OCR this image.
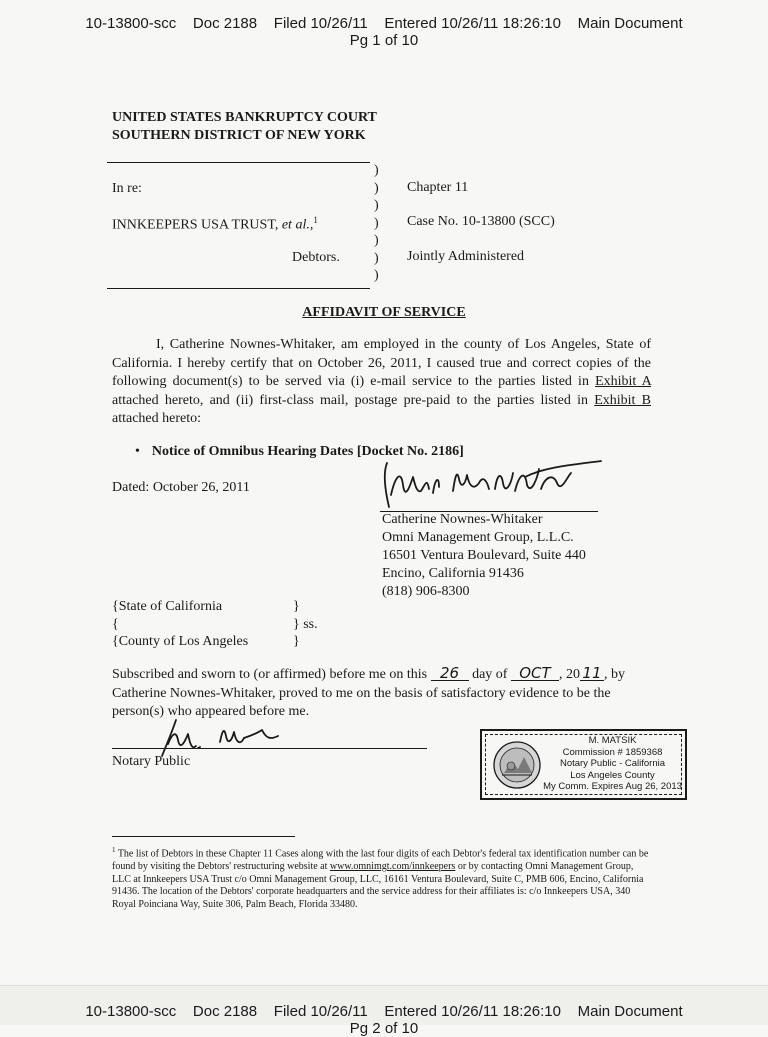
10-13800-scc    Doc 2188    Filed 10/26/11    Entered 10/26/11 18:26:10    Main Document
Pg 1 of 10
UNITED STATES BANKRUPTCY COURT
SOUTHERN DISTRICT OF NEW YORK
)
)
)
)
)
)
)
In re:
INNKEEPERS USA TRUST, et al.,$^1$
Debtors.
Chapter 11
Case No. 10-13800 (SCC)
Jointly Administered
AFFIDAVIT OF SERVICE
I, Catherine Nownes-Whitaker, am employed in the county of Los Angeles, State of California. I hereby certify that on October 26, 2011, I caused true and correct copies of the following document(s) to be served via (i) e-mail service to the parties listed in Exhibit A attached hereto, and (ii) first-class mail, postage pre-paid to the parties listed in Exhibit B attached hereto:
• Notice of Omnibus Hearing Dates [Docket No. 2186]
Dated: October 26, 2011
Catherine Nownes-Whitaker
Omni Management Group, L.L.C.
16501 Ventura Boulevard, Suite 440
Encino, California 91436
(818) 906-8300
{State of California
{
{County of Los Angeles
}
} ss.
}
Subscribed and sworn to (or affirmed) before me on this 26 day of OCT , 20 11 , by Catherine Nownes-Whitaker, proved to me on the basis of satisfactory evidence to be the person(s) who appeared before me.
Notary Public
M. MATSIK
Commission # 1859368
Notary Public - California
Los Angeles County
My Comm. Expires Aug 26, 2013
$^1$ The list of Debtors in these Chapter 11 Cases along with the last four digits of each Debtor's federal tax identification number can be found by visiting the Debtors' restructuring website at www.omnimgt.com/innkeepers or by contacting Omni Management Group, LLC at Innkeepers USA Trust c/o Omni Management Group, LLC, 16161 Ventura Boulevard, Suite C, PMB 606, Encino, California 91436. The location of the Debtors' corporate headquarters and the service address for their affiliates is: c/o Innkeepers USA, 340 Royal Poinciana Way, Suite 306, Palm Beach, Florida 33480.
10-13800-scc    Doc 2188    Filed 10/26/11    Entered 10/26/11 18:26:10    Main Document
Pg 2 of 10
